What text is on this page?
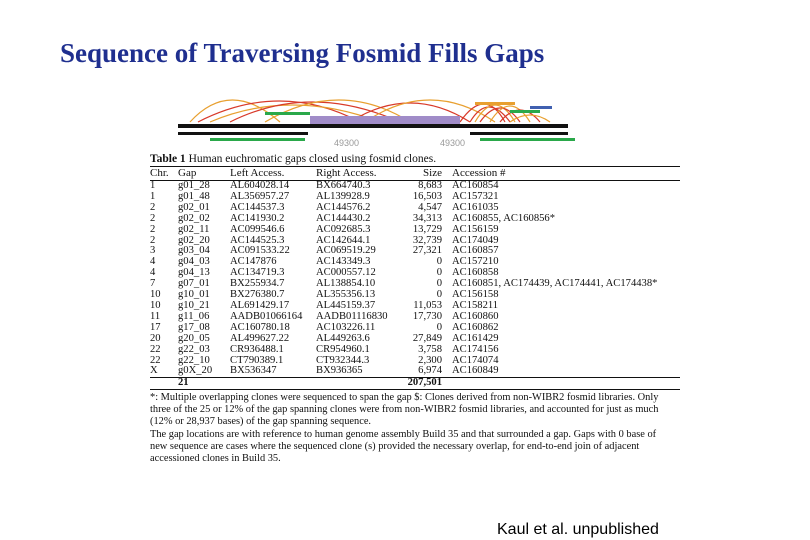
Sequence of Traversing Fosmid Fills Gaps
49300	49300
Table 1 Human euchromatic gaps closed using fosmid clones.
Chr.	Gap	Left Access.	Right Access.	Size	Accession #
1	g01_28	AL604028.14	BX664740.3	8,683	AC160854
1	g01_48	AL356957.27	AL139928.9	16,503	AC157321
2	g02_01	AC144537.3	AC144576.2	4,547	AC161035
2	g02_02	AC141930.2	AC144430.2	34,313	AC160855, AC160856*
2	g02_11	AC099546.6	AC092685.3	13,729	AC156159
2	g02_20	AC144525.3	AC142644.1	32,739	AC174049
3	g03_04	AC091533.22	AC069519.29	27,321	AC160857
4	g04_03	AC147876	AC143349.3	0	AC157210
4	g04_13	AC134719.3	AC000557.12	0	AC160858
7	g07_01	BX255934.7	AL138854.10	0	AC160851, AC174439, AC174441, AC174438*
10	g10_01	BX276380.7	AL355356.13	0	AC156158
10	g10_21	AL691429.17	AL445159.37	11,053	AC158211
11	g11_06	AADB01066164	AADB01116830	17,730	AC160860
17	g17_08	AC160780.18	AC103226.11	0	AC160862
20	g20_05	AL499627.22	AL449263.6	27,849	AC161429
22	g22_03	CR936488.1	CR954960.1	3,758	AC174156
22	g22_10	CT790389.1	CT932344.3	2,300	AC174074
X	g0X_20	BX536347	BX936365	6,974	AC160849
	21			207,501	
*: Multiple overlapping clones were sequenced to span the gap $: Clones derived from non-WIBR2 fosmid libraries. Only three of the 25 or 12% of the gap spanning clones were from non-WIBR2 fosmid libraries, and accounted for just as much (12% or 28,937 bases) of the gap spanning sequence.
The gap locations are with reference to human genome assembly Build 35 and that surrounded a gap. Gaps with 0 base of new sequence are cases where the sequenced clone (s) provided the necessary overlap, for end-to-end join of adjacent accessioned clones in Build 35.
Kaul et al. unpublished
